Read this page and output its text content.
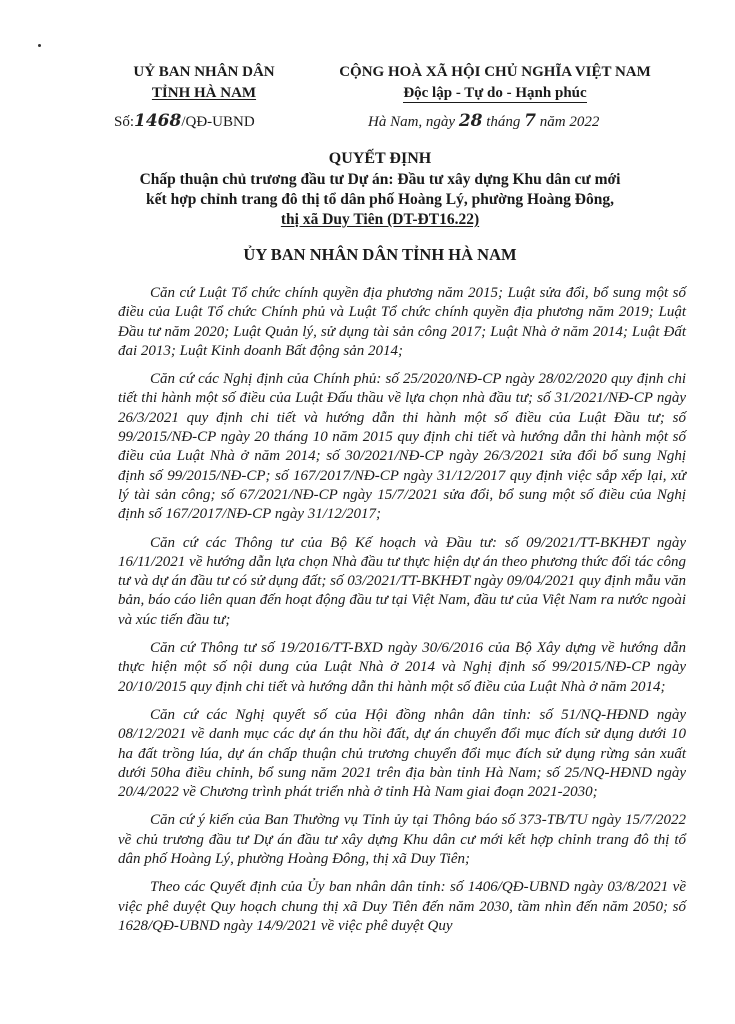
UỶ BAN NHÂN DÂN
TỈNH HÀ NAM
CỘNG HOÀ XÃ HỘI CHỦ NGHĨA VIỆT NAM
Độc lập - Tự do - Hạnh phúc
Số:1468/QĐ-UBND	Hà Nam, ngày 28 tháng 7 năm 2022
QUYẾT ĐỊNH
Chấp thuận chủ trương đầu tư Dự án: Đầu tư xây dựng Khu dân cư mới
kết hợp chỉnh trang đô thị tổ dân phố Hoàng Lý, phường Hoàng Đông,
thị xã Duy Tiên (DT-ĐT16.22)
ỦY BAN NHÂN DÂN TỈNH HÀ NAM

Căn cứ Luật Tổ chức chính quyền địa phương năm 2015; Luật sửa đổi, bổ sung một số điều của Luật Tổ chức Chính phủ và Luật Tổ chức chính quyền địa phương năm 2019; Luật Đầu tư năm 2020; Luật Quản lý, sử dụng tài sản công 2017; Luật Nhà ở năm 2014; Luật Đất đai 2013; Luật Kinh doanh Bất động sản 2014;

Căn cứ các Nghị định của Chính phủ: số 25/2020/NĐ-CP ngày 28/02/2020 quy định chi tiết thi hành một số điều của Luật Đấu thầu về lựa chọn nhà đầu tư; số 31/2021/NĐ-CP ngày 26/3/2021 quy định chi tiết và hướng dẫn thi hành một số điều của Luật Đầu tư; số 99/2015/NĐ-CP ngày 20 tháng 10 năm 2015 quy định chi tiết và hướng dẫn thi hành một số điều của Luật Nhà ở năm 2014; số 30/2021/NĐ-CP ngày 26/3/2021 sửa đổi bổ sung Nghị định số 99/2015/NĐ-CP; số 167/2017/NĐ-CP ngày 31/12/2017 quy định việc sắp xếp lại, xử lý tài sản công; số 67/2021/NĐ-CP ngày 15/7/2021 sửa đổi, bổ sung một số điều của Nghị định số 167/2017/NĐ-CP ngày 31/12/2017;

Căn cứ các Thông tư của Bộ Kế hoạch và Đầu tư: số 09/2021/TT-BKHĐT ngày 16/11/2021 về hướng dẫn lựa chọn Nhà đầu tư thực hiện dự án theo phương thức đối tác công tư và dự án đầu tư có sử dụng đất; số 03/2021/TT-BKHĐT ngày 09/04/2021 quy định mẫu văn bản, báo cáo liên quan đến hoạt động đầu tư tại Việt Nam, đầu tư của Việt Nam ra nước ngoài và xúc tiến đầu tư;

Căn cứ Thông tư số 19/2016/TT-BXD ngày 30/6/2016 của Bộ Xây dựng về hướng dẫn thực hiện một số nội dung của Luật Nhà ở 2014 và Nghị định số 99/2015/NĐ-CP ngày 20/10/2015 quy định chi tiết và hướng dẫn thi hành một số điều của Luật Nhà ở năm 2014;

Căn cứ các Nghị quyết số của Hội đồng nhân dân tỉnh: số 51/NQ-HĐND ngày 08/12/2021 về danh mục các dự án thu hồi đất, dự án chuyển đổi mục đích sử dụng dưới 10 ha đất trồng lúa, dự án chấp thuận chủ trương chuyển đổi mục đích sử dụng rừng sản xuất dưới 50ha điều chỉnh, bổ sung năm 2021 trên địa bàn tỉnh Hà Nam; số 25/NQ-HĐND ngày 20/4/2022 về Chương trình phát triển nhà ở tỉnh Hà Nam giai đoạn 2021-2030;

Căn cứ ý kiến của Ban Thường vụ Tỉnh ủy tại Thông báo số 373-TB/TU ngày 15/7/2022 về chủ trương đầu tư Dự án đầu tư xây dựng Khu dân cư mới kết hợp chỉnh trang đô thị tổ dân phố Hoàng Lý, phường Hoàng Đông, thị xã Duy Tiên;

Theo các Quyết định của Ủy ban nhân dân tỉnh: số 1406/QĐ-UBND ngày 03/8/2021 về việc phê duyệt Quy hoạch chung thị xã Duy Tiên đến năm 2030, tầm nhìn đến năm 2050; số 1628/QĐ-UBND ngày 14/9/2021 về việc phê duyệt Quy
